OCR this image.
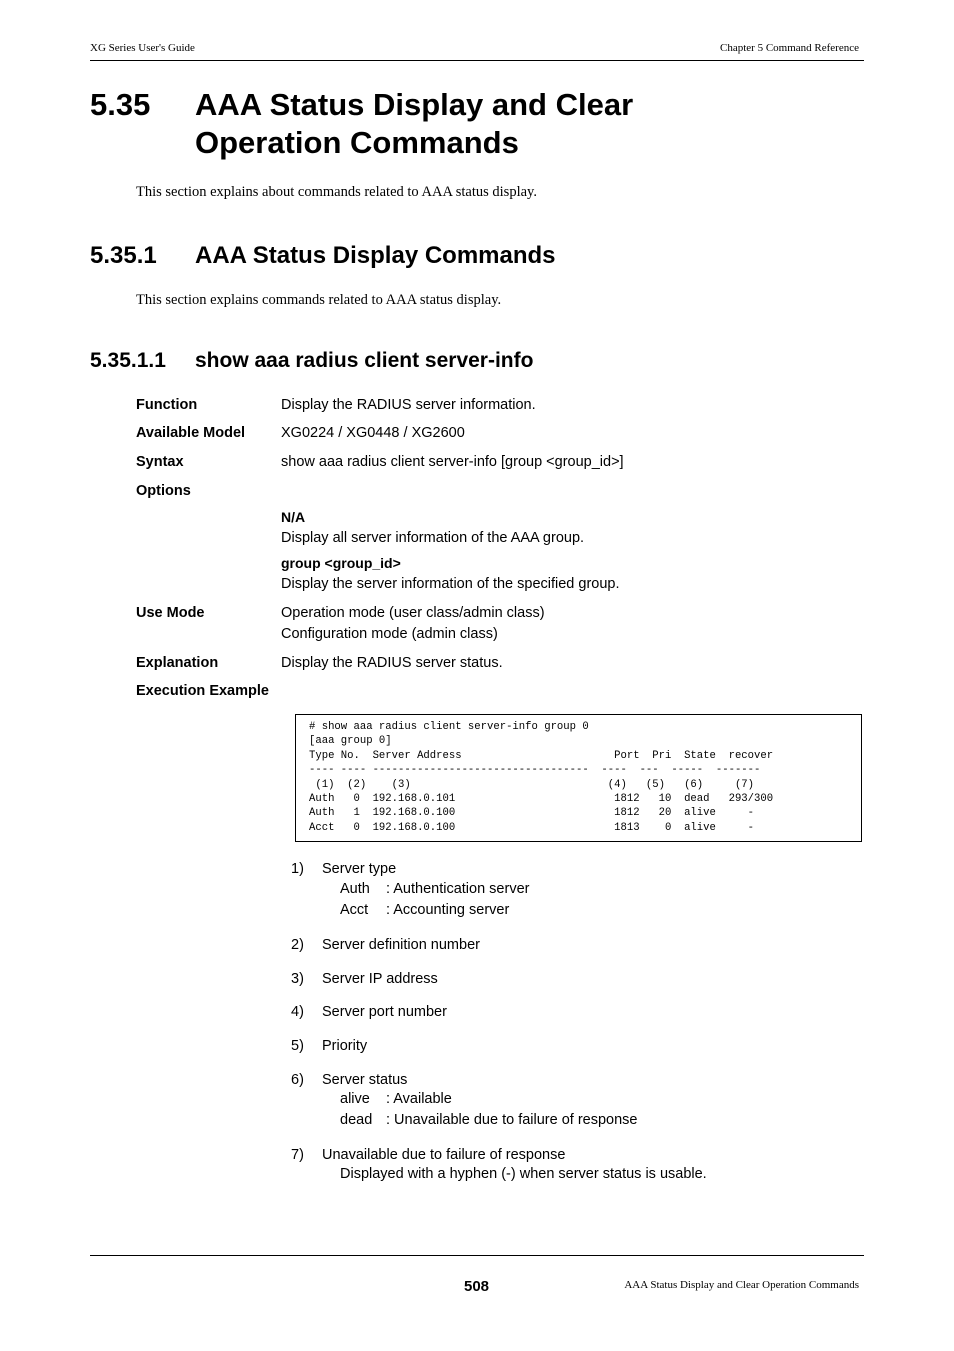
XG Series User's Guide	Chapter 5 Command Reference
5.35 AAA Status Display and Clear
Operation Commands
This section explains about commands related to AAA status display.
5.35.1 AAA Status Display Commands
This section explains commands related to AAA status display.
5.35.1.1 show aaa radius client server-info
Function	Display the RADIUS server information.
Available Model XG0224 / XG0448 / XG2600
Syntax	show aaa radius client server-info [group <group_id>]
Options
N/A
Display all server information of the AAA group.
group <group_id>
Display the server information of the specified group.
Use Mode	Operation mode (user class/admin class)
Configuration mode (admin class)
Explanation	Display the RADIUS server status.
Execution Example
# show aaa radius client server-info group 0
[aaa group 0]
Type No.  Server Address                        Port  Pri  State  recover
---- ---- ----------------------------------  ----  ---  -----  -------
(1)  (2)    (3)                               (4)   (5)   (6)     (7)
Auth   0  192.168.0.101                         1812   10  dead   293/300
Auth   1  192.168.0.100                         1812   20  alive     -
Acct   0  192.168.0.100                         1813    0  alive     -
1) Server type
Auth : Authentication server
Acct : Accounting server
2) Server definition number
3) Server IP address
4) Server port number
5) Priority
6) Server status
alive : Available
dead : Unavailable due to failure of response
7) Unavailable due to failure of response
Displayed with a hyphen (-) when server status is usable.
508	AAA Status Display and Clear Operation Commands
